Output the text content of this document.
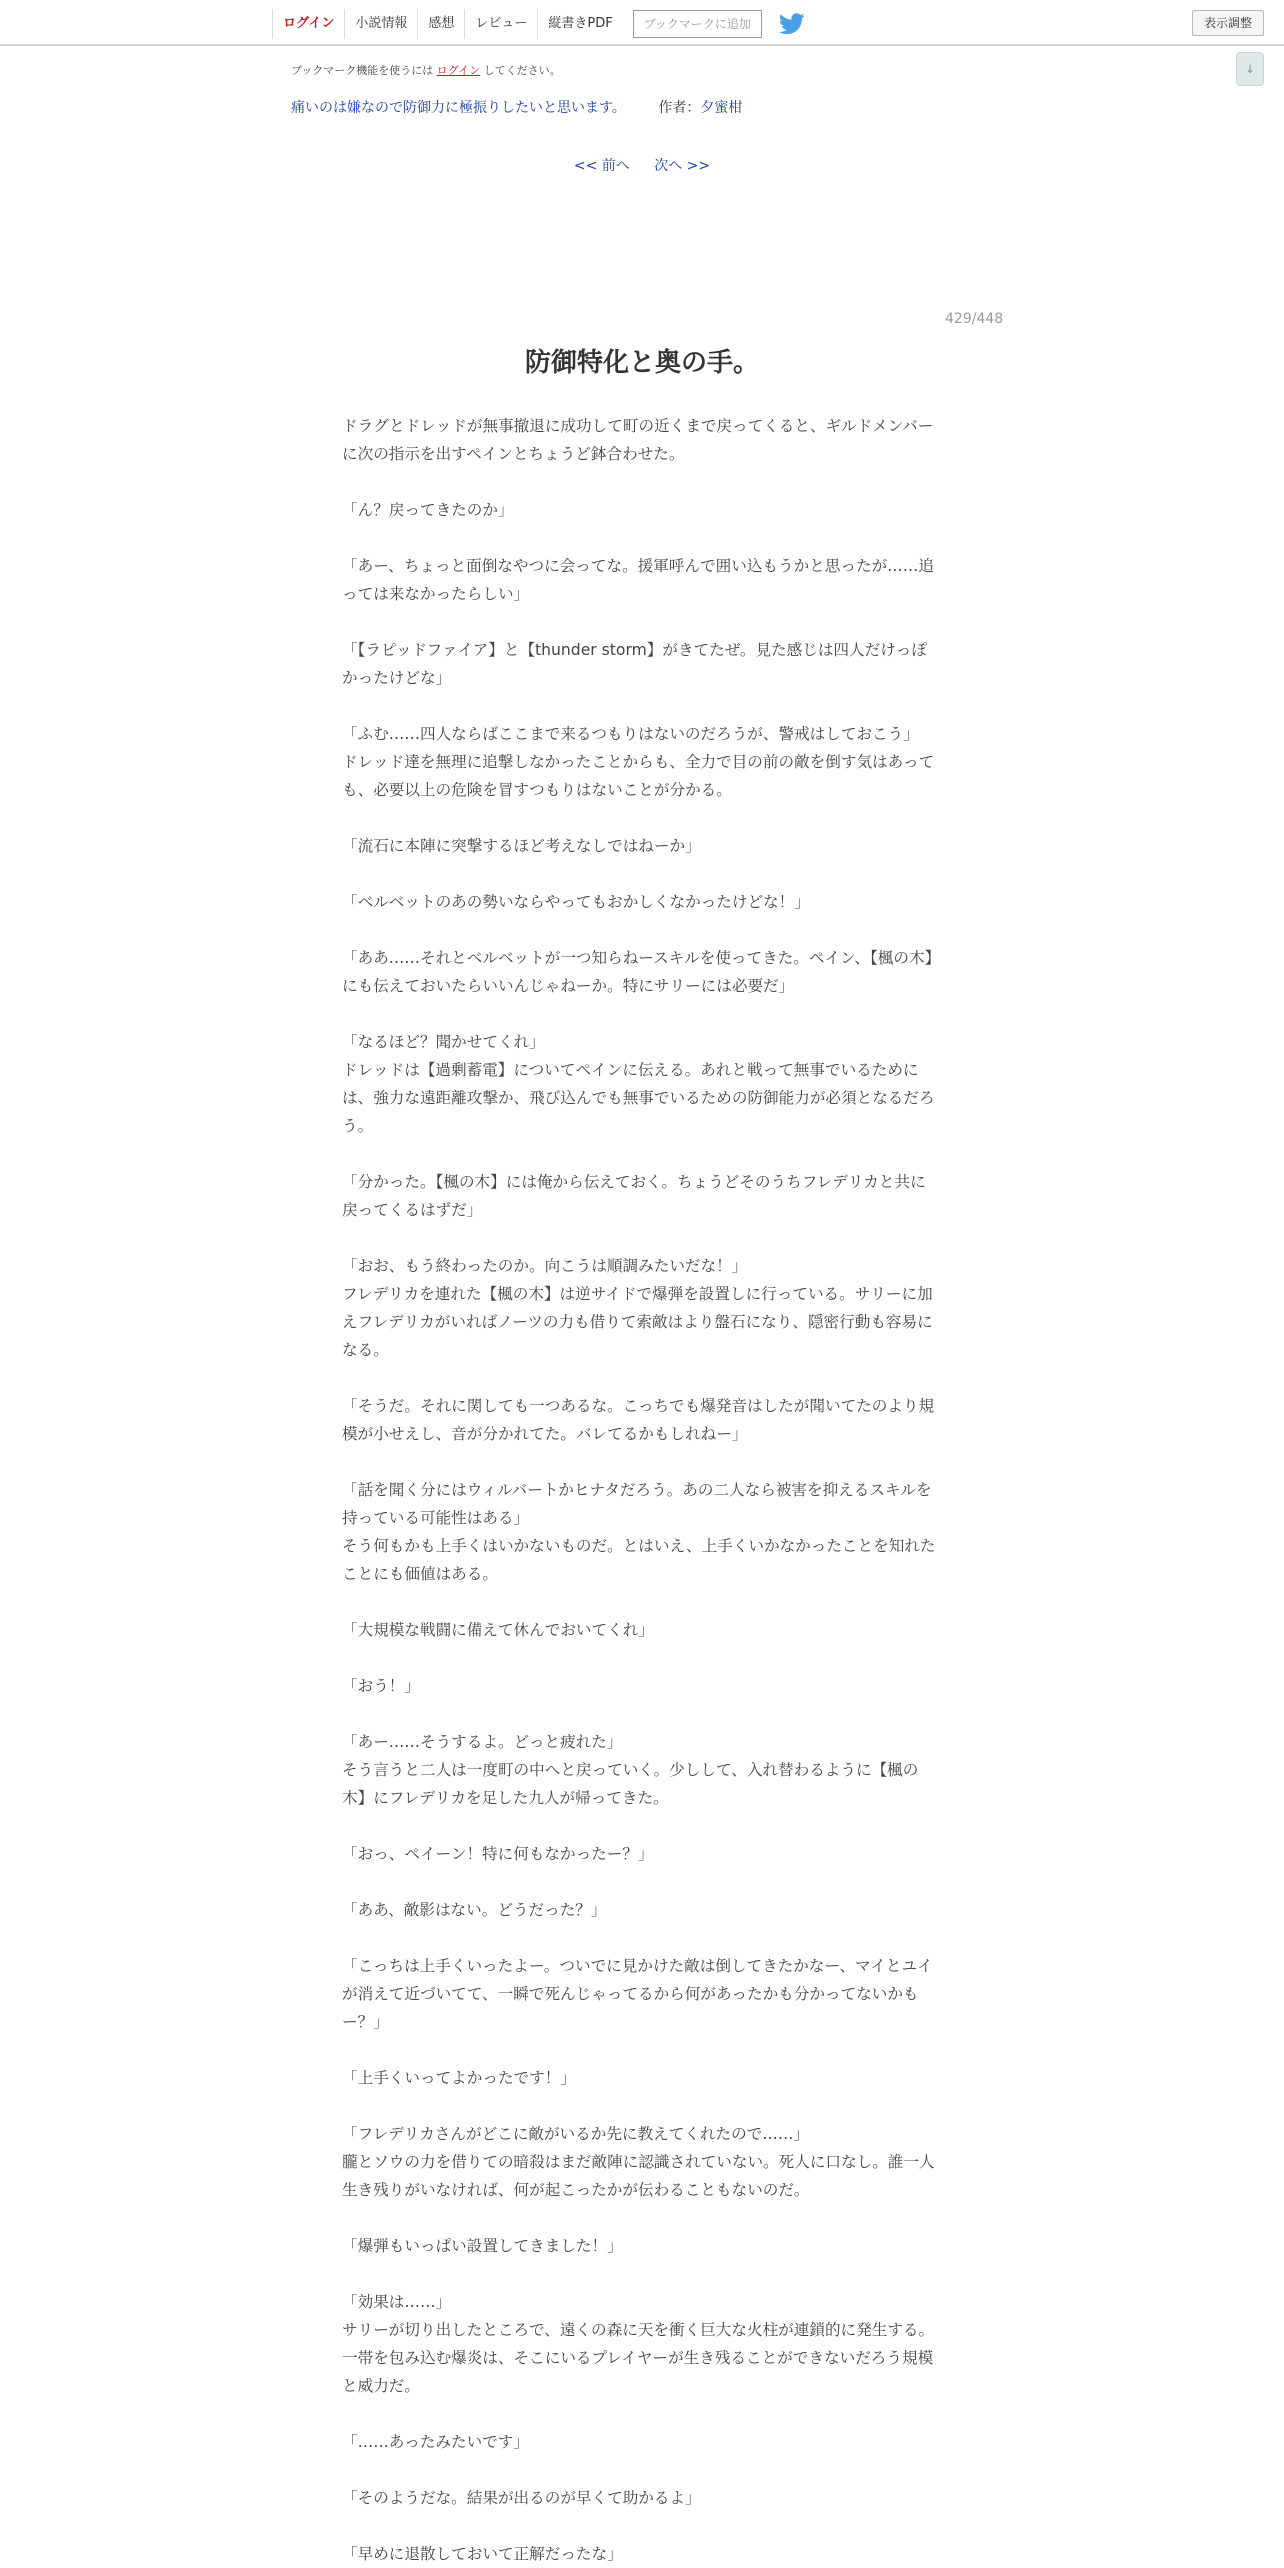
ログイン	小説情報	感想	レビュー	縦書きPDF	ブックマークに追加	表示調整
↓
ブックマーク機能を使うには ログイン してください。
痛いのは嫌なので防御力に極振りしたいと思います。 作者：夕蜜柑
<< 前へ 次へ >>
429/448
防御特化と奥の手。

ドラグとドレッドが無事撤退に成功して町の近くまで戻ってくると、ギルドメンバーに次の指示を出すペインとちょうど鉢合わせた。

「ん？戻ってきたのか」

「あー、ちょっと面倒なやつに会ってな。援軍呼んで囲い込もうかと思ったが……追っては来なかったらしい」

「【ラピッドファイア】と【thunder storm】がきてたぜ。見た感じは四人だけっぽかったけどな」

「ふむ……四人ならばここまで来るつもりはないのだろうが、警戒はしておこう」

ドレッド達を無理に追撃しなかったことからも、全力で目の前の敵を倒す気はあっても、必要以上の危険を冒すつもりはないことが分かる。

「流石に本陣に突撃するほど考えなしではねーか」

「ベルベットのあの勢いならやってもおかしくなかったけどな！」

「ああ……それとベルベットが一つ知らねースキルを使ってきた。ペイン、【楓の木】にも伝えておいたらいいんじゃねーか。特にサリーには必要だ」

「なるほど？聞かせてくれ」

ドレッドは【過剰蓄電】についてペインに伝える。あれと戦って無事でいるためには、強力な遠距離攻撃か、飛び込んでも無事でいるための防御能力が必須となるだろう。

「分かった。【楓の木】には俺から伝えておく。ちょうどそのうちフレデリカと共に戻ってくるはずだ」

「おお、もう終わったのか。向こうは順調みたいだな！」

フレデリカを連れた【楓の木】は逆サイドで爆弾を設置しに行っている。サリーに加えフレデリカがいればノーツの力も借りて索敵はより盤石になり、隠密行動も容易になる。

「そうだ。それに関しても一つあるな。こっちでも爆発音はしたが聞いてたのより規模が小せえし、音が分かれてた。バレてるかもしれねー」

「話を聞く分にはウィルバートかヒナタだろう。あの二人なら被害を抑えるスキルを持っている可能性はある」

そう何もかも上手くはいかないものだ。とはいえ、上手くいかなかったことを知れたことにも価値はある。

「大規模な戦闘に備えて休んでおいてくれ」

「おう！」

「あー……そうするよ。どっと疲れた」

そう言うと二人は一度町の中へと戻っていく。少しして、入れ替わるように【楓の木】にフレデリカを足した九人が帰ってきた。

「おっ、ペイーン！特に何もなかったー？」

「ああ、敵影はない。どうだった？」

「こっちは上手くいったよー。ついでに見かけた敵は倒してきたかなー、マイとユイが消えて近づいてて、一瞬で死んじゃってるから何があったかも分かってないかもー？」

「上手くいってよかったです！」

「フレデリカさんがどこに敵がいるか先に教えてくれたので……」

朧とソウの力を借りての暗殺はまだ敵陣に認識されていない。死人に口なし。誰一人生き残りがいなければ、何が起こったかが伝わることもないのだ。

「爆弾もいっぱい設置してきました！」

「効果は……」

サリーが切り出したところで、遠くの森に天を衝く巨大な火柱が連鎖的に発生する。一帯を包み込む爆炎は、そこにいるプレイヤーが生き残ることができないだろう規模と威力だ。

「……あったみたいです」

「そのようだな。結果が出るのが早くて助かるよ」

「早めに退散しておいて正解だったな」
